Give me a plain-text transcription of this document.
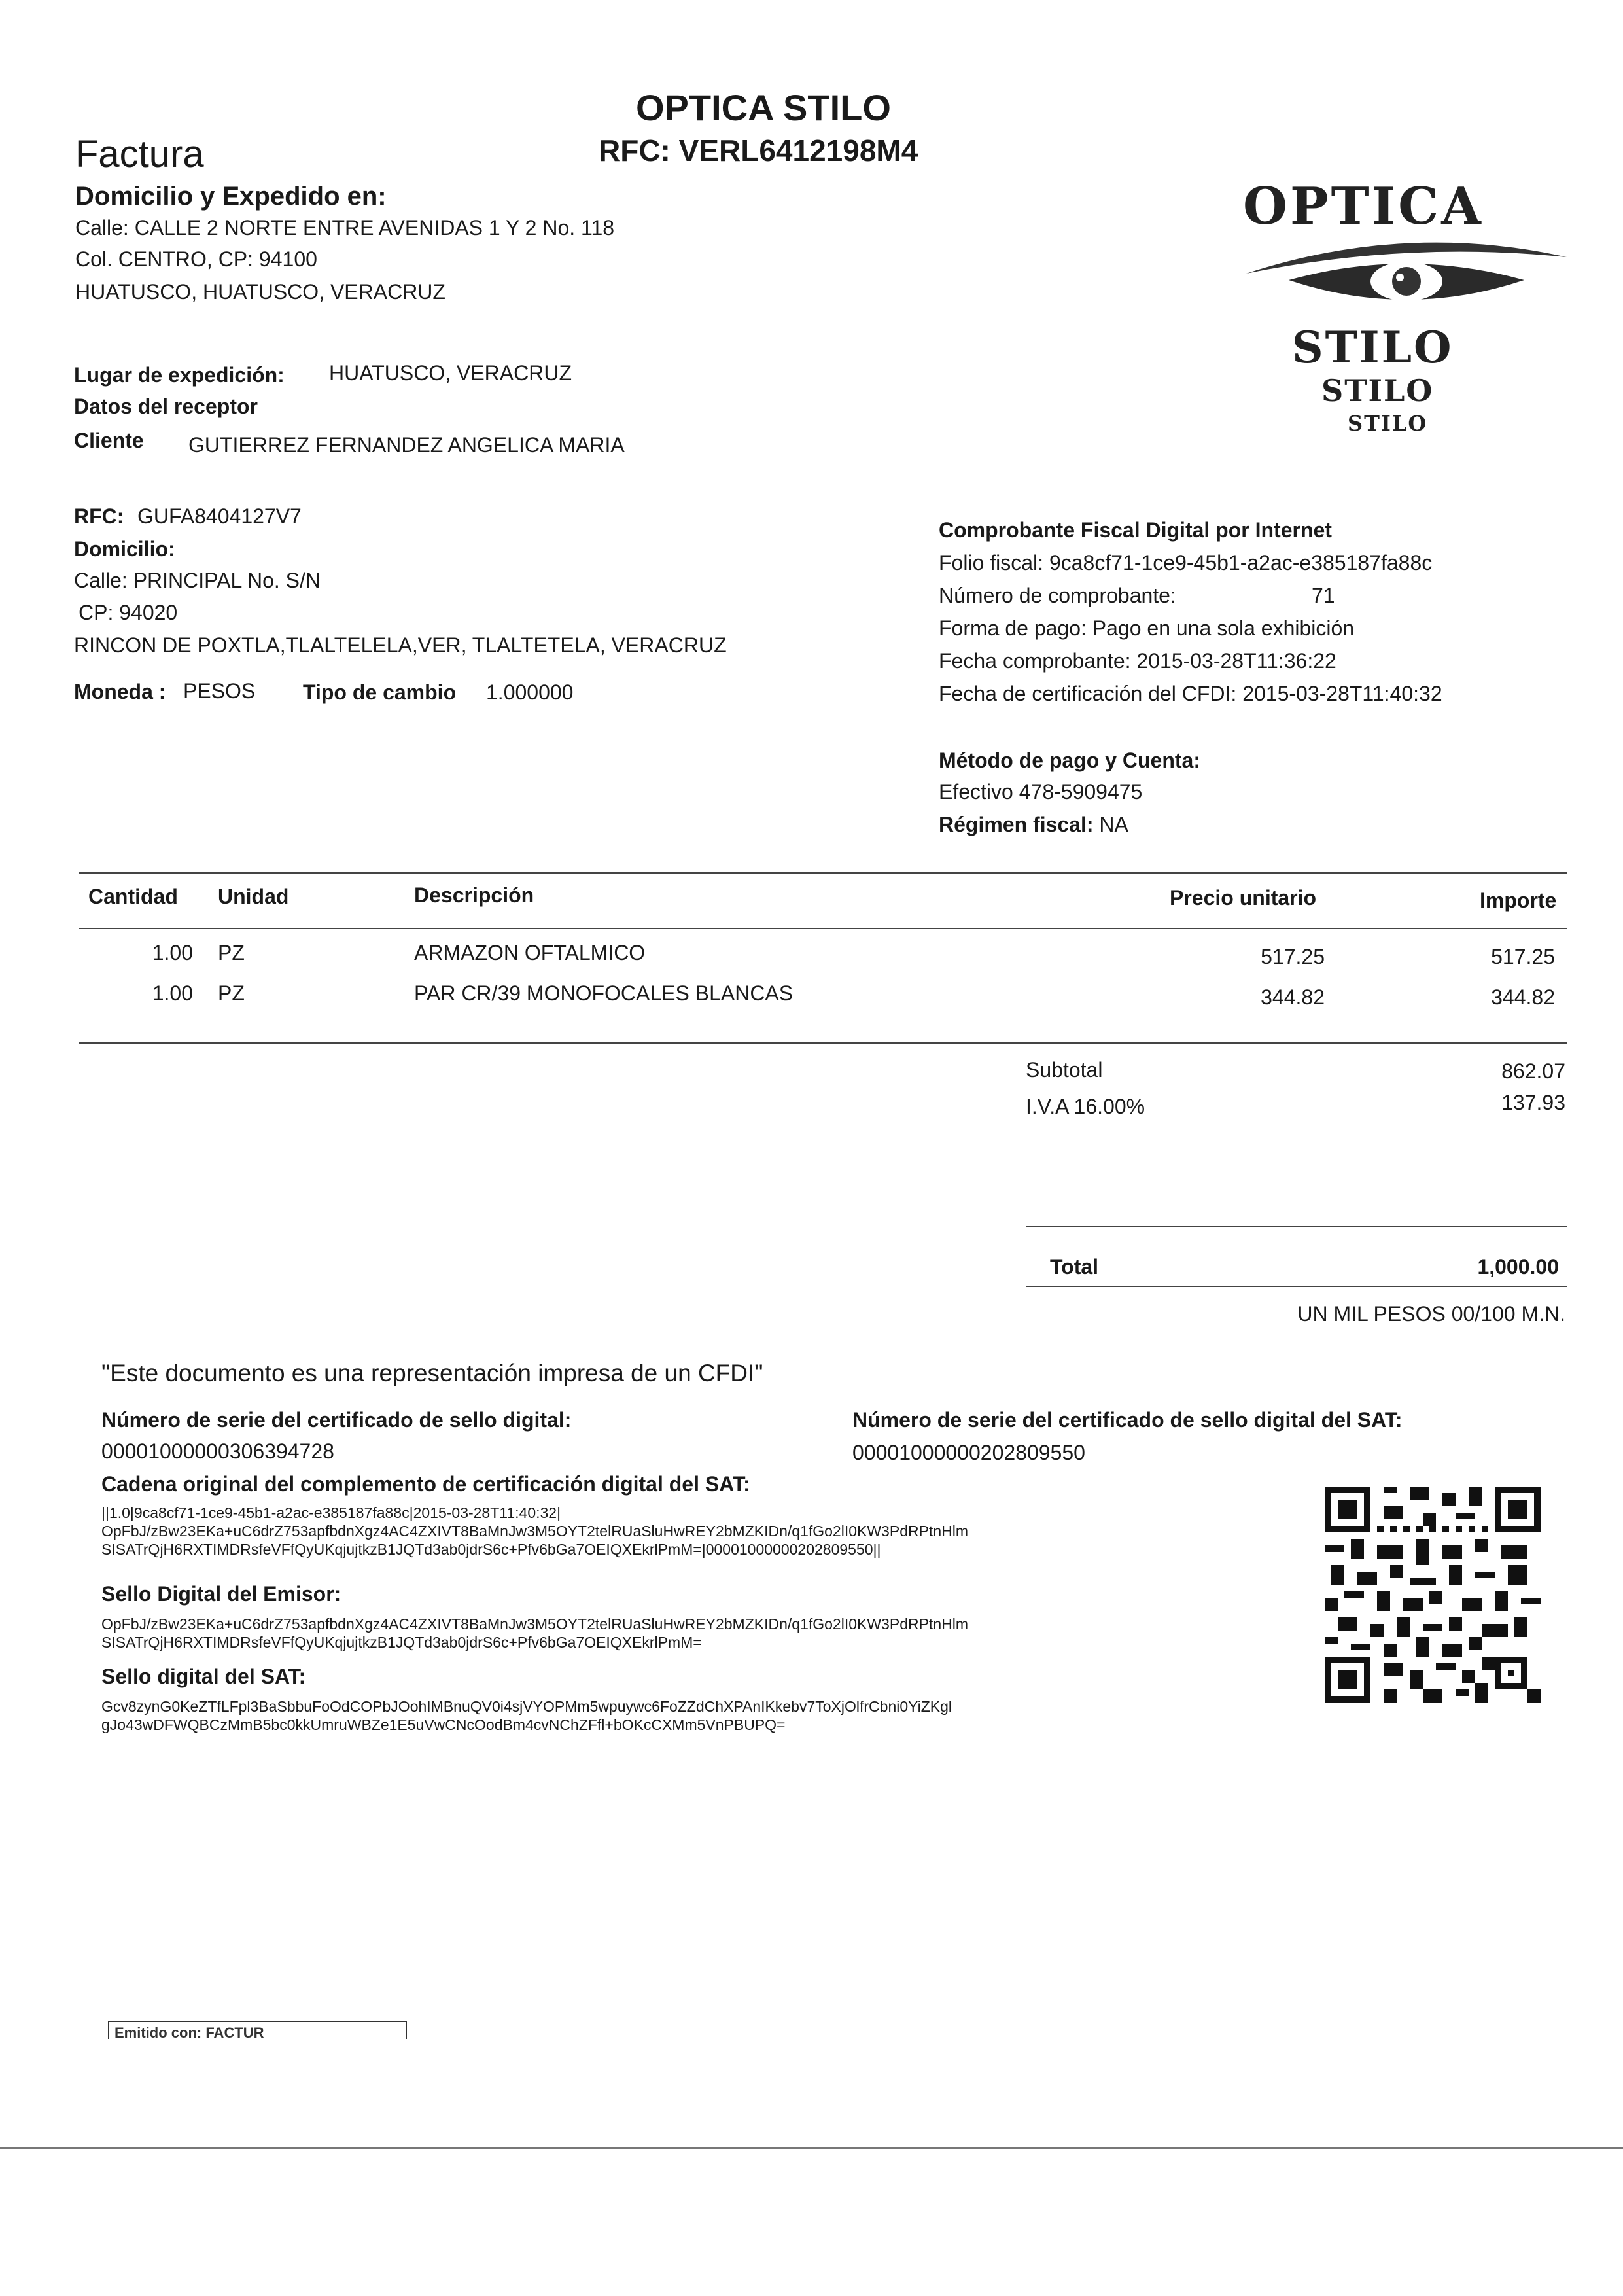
OPTICA STILO
RFC: VERL6412198M4
Factura
Domicilio y Expedido en:
Calle: CALLE 2 NORTE ENTRE AVENIDAS 1 Y 2 No. 118
Col. CENTRO, CP: 94100
HUATUSCO, HUATUSCO, VERACRUZ
OPTICA
STILO
STILO
STILO
Lugar de expedición: HUATUSCO, VERACRUZ
Datos del receptor
Cliente GUTIERREZ FERNANDEZ ANGELICA MARIA
RFC: GUFA8404127V7
Domicilio:
Calle: PRINCIPAL No. S/N
CP: 94020
RINCON DE POXTLA,TLALTELELA,VER, TLALTETELA, VERACRUZ
Moneda : PESOS Tipo de cambio 1.000000
Comprobante Fiscal Digital por Internet
Folio fiscal: 9ca8cf71-1ce9-45b1-a2ac-e385187fa88c
Número de comprobante:	71
Forma de pago: Pago en una sola exhibición
Fecha comprobante: 2015-03-28T11:36:22
Fecha de certificación del CFDI: 2015-03-28T11:40:32
Método de pago y Cuenta:
Efectivo 478-5909475
Régimen fiscal: NA
Cantidad Unidad	Descripción	Precio unitario	Importe
1.00 PZ	ARMAZON OFTALMICO	517.25	517.25
1.00 PZ	PAR CR/39 MONOFOCALES BLANCAS	344.82	344.82
Subtotal	862.07
I.V.A 16.00%	137.93
Total	1,000.00
UN MIL PESOS 00/100 M.N.
"Este documento es una representación impresa de un CFDI"
Número de serie del certificado de sello digital:
00001000000306394728
Número de serie del certificado de sello digital del SAT:
00001000000202809550
Cadena original del complemento de certificación digital del SAT:
||1.0|9ca8cf71-1ce9-45b1-a2ac-e385187fa88c|2015-03-28T11:40:32|
OpFbJ/zBw23EKa+uC6drZ753apfbdnXgz4AC4ZXIVT8BaMnJw3M5OYT2telRUaSluHwREY2bMZKIDn/q1fGo2lI0KW3PdRPtnHlm
SISATrQjH6RXTIMDRsfeVFfQyUKqjujtkzB1JQTd3ab0jdrS6c+Pfv6bGa7OEIQXEkrlPmM=|00001000000202809550||
Sello Digital del Emisor:
OpFbJ/zBw23EKa+uC6drZ753apfbdnXgz4AC4ZXIVT8BaMnJw3M5OYT2telRUaSluHwREY2bMZKIDn/q1fGo2lI0KW3PdRPtnHlm
SISATrQjH6RXTIMDRsfeVFfQyUKqjujtkzB1JQTd3ab0jdrS6c+Pfv6bGa7OEIQXEkrlPmM=
Sello digital del SAT:
Gcv8zynG0KeZTfLFpl3BaSbbuFoOdCOPbJOohIMBnuQV0i4sjVYOPMm5wpuywc6FoZZdChXPAnIKkebv7ToXjOlfrCbni0YiZKgl
gJo43wDFWQBCzMmB5bc0kkUmruWBZe1E5uVwCNcOodBm4cvNChZFfl+bOKcCXMm5VnPBUPQ=
Emitido con: FACTUR
